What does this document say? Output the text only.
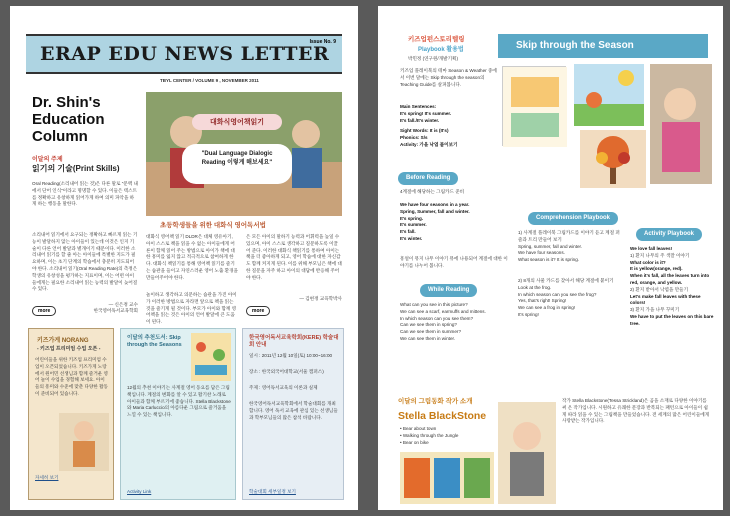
ERAP EDU NEWS LETTER
Issue No. 9
TBYL CENTER / VOLUME 9 , NOVEMBER 2011
Dr. Shin's
Education
Column
이달의 주제
읽기의 기술(Print Skills)
Oral Reading(소리내어 읽는 것)은 다른 말로 "문맥 내에서 단어 인식"이라고 명명할 수 있다. 이들은 텍스트를 정확하고 유창하게 읽어가게 하여 의미 파악을 하게 하는 행동을 말한다.
소리내어 읽기에서 요구되는 정확하고 빠르게 읽는 기능이 발달하지 않는 아이들이 있는데 이것은 인지 기술이 다른 언어 발달과 별개이기 때문이다. 이러한 소리내어 읽기를 할 줄 아는 아이들에 특별한 지도가 필요하며, 이는 초기 단계의 학습에서 충분히 지도되어야 한다. 소리내어 읽기(Oral Reading Rate)의 측정은 학생의 유창성을 평가하는 지표이며, 이는 어떤 아이들에게는 필요한 소리내어 읽는 능력의 발달이 늦어질 수 있다.
— 신은정 교수
한국영어독서교육학회
more
대화식영어책읽기
"Dual Language Dialogic Reading 이렇게 해보세요"
초등학생들을 위한 대화식 영어독서법
대화식 영어책 읽기 DLDR은 대체 영유아기, 아이 스스로 책을 읽을 수 없는 아이들에게 어른이 함께 읽어 주는 방법으로 아이가 책에 대한 흥미를 잃지 않고 적극적으로 참여하게 한다. 대화식 책읽기를 통해 영어책 읽기를 즐기는 습관을 들이고 자연스러운 영어 노출 환경을 만들어주어야 한다.
놀이하고 생각하고 의문하는 습관을 가진 아이가 이러한 방법으로 자라면 앞으로 책을 읽는 것을 즐기게 될 것이다. 부모가 아이와 함께 영어책을 읽는 것은 아이의 언어 발달에 큰 도움이 된다.
은 모든 아이의 말하기 능력과 어휘력을 높일 수 있으며, 아이 스스로 생각하고 질문하도록 이끌어 준다. 이러한 대화식 책읽기를 통하여 아이는 책을 더 좋아하게 되고, 영어 학습에 대한 자신감도 함께 커지게 된다. 이를 위해 부모님은 책에 대한 질문을 자주 하고 아이의 대답에 반응해 주어야 한다.
— 김현정 교육학박사
more
키즈가게 NORANG
- 키즈업 프리미엄 수업 오픈 -
어린이들을 위한 키즈업 프리미엄 수업이 오픈되었습니다. 키즈가게 노랑에서 원어민 선생님과 함께 즐거운 영어 놀이 수업을 경험해 보세요. 아이들의 흥미와 수준에 맞춘 다양한 활동이 준비되어 있습니다.
자세히 보기
이달의 추천도서: Skip through the Seasons
12월의 추천 이야기는 사계절 영어 동요를 담은 그림책입니다. 계절의 변화를 알 수 있고 활기찬 노래로 아이들과 함께 부르기에 좋습니다. Stella Blackstone와 Maria Carluccio의 아름다운 그림으로 즐거움을 느낄 수 있는 책입니다.
Activity Link
한국영어독서교육학회(KERE) 학술대회 안내
일시 : 2011년 12월 10일(토) 10:00~16:00
장소 : 한국외국어대학교(서울 캠퍼스)
주제 : 영어독서교육의 이론과 실제
한국영어독서교육학회에서 학술대회를 개최합니다. 영어 독서 교육에 관심 있는 선생님들과 학부모님들의 많은 참석 바랍니다.
학술대회 세부일정 보기
키즈업펀스토리텔링
Playbook 활용법
박민정 (연구원/개발기획)
키즈업 플레이북의 테마 Season & Weather 중에서 이번 달에는 Skip through the season의 Teaching Guide를 살펴봅니다.
Main Sentences:
It's spring! It's summer.
It's fall./It's winter.
Sight Words: It is (It's)
Phonics: S/s
Activity: 가을 낙엽 붙이보기
Skip through the Season
Before Reading
4계절에 해당하는 그림카드 준비
We have four seasons in a year.
Spring, Summer, fall and winter.
It's spring.
It's summer.
It's fall.
It's winter.
흥얼이 뮤지 나무 이야기 뮤에 나용되어 계절에 대한 이야기를 나누어 봅니다.
While Reading
What can you see in this picture?
We can see a scarf, earmuffs and mittens.
In which season can you see them?
Can we see them in spring?
Can we see them in summer?
We can see them in winter.
Comprehension Playbook
1) 사계절 플레이북 그림카드를 이야기 듣고 계절 퍼즐과 트리 만들어 보기
Spring, summer, fall and winter.
We have four seasons.
What season is it? It is spring.
2) 8개의 사물 카드를 찾아서 해당 계절에 붙이기
Look at the frog.
In which season can you see the frog?
Yes, that's right! Spring!
We can see a frog in spring!
It's spring!
Activity Playbook
We love fall leaves!
1) 환지 나무의 주 색깔 이야기
What color is it?
It is yellow(orange, red).
When it's fall, all the leaves turn into red, orange, and yellow.
2) 환지 받아서 낙엽을 만들기
Let's make fall leaves with these colors!
3) 환지 가을 나무 꾸미기
We have to put the leaves on this bare tree.
이달의 그림동화 작가 소개
Stella BlackStone
• Bear about town
• Walking through the Jungle
• Bear on bike
작가 Stella Blackstone(Tessa Strickland)은 곰을 소재로 다양한 이야기를 써 온 작가입니다. 시원하고 유쾌한 문장과 반복되는 패턴으로 아이들이 쉽게 따라 읽을 수 있는 그림책을 만들었습니다. 전 세계의 많은 어린이들에게 사랑받는 작가입니다.
